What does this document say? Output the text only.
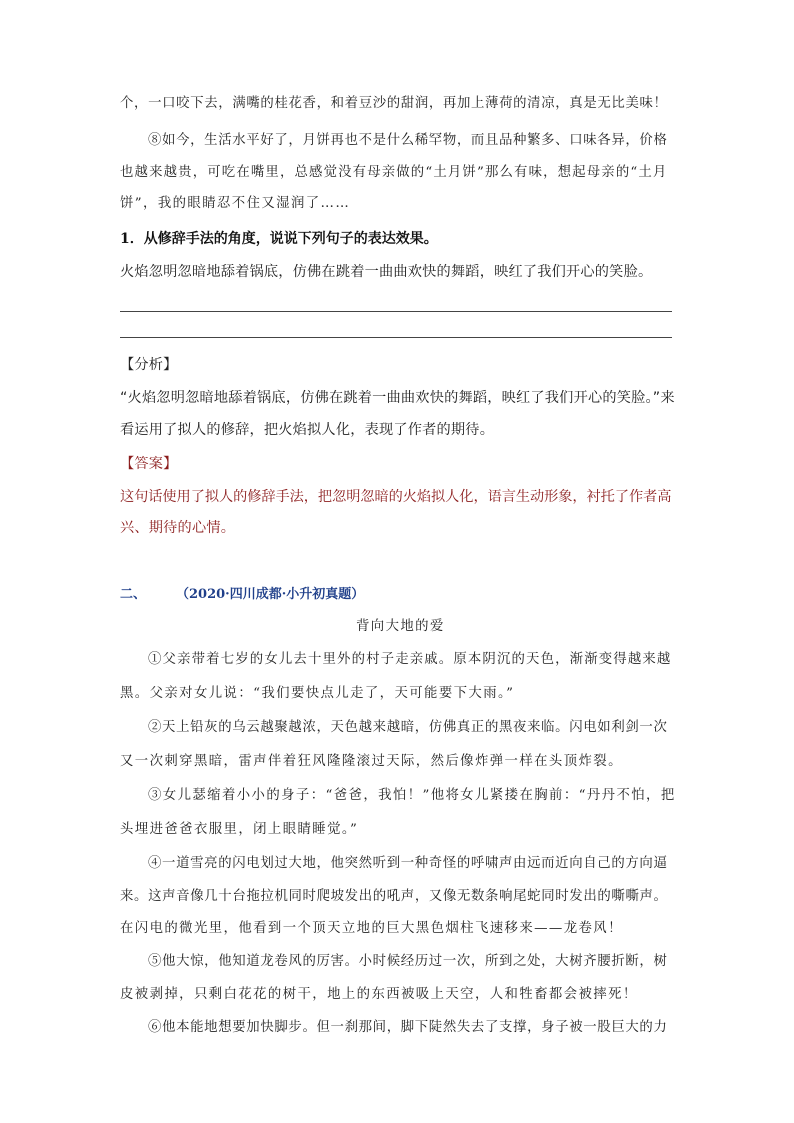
个，一口咬下去，满嘴的桂花香，和着豆沙的甜润，再加上薄荷的清凉，真是无比美味！

⑧如今，生活水平好了，月饼再也不是什么稀罕物，而且品种繁多、口味各异，价格

也越来越贵，可吃在嘴里，总感觉没有母亲做的“土月饼”那么有味，想起母亲的“土月

饼”，我的眼睛忍不住又湿润了……

1．从修辞手法的角度，说说下列句子的表达效果。

火焰忽明忽暗地舔着锅底，仿佛在跳着一曲曲欢快的舞蹈，映红了我们开心的笑脸。

【分析】

“火焰忽明忽暗地舔着锅底，仿佛在跳着一曲曲欢快的舞蹈，映红了我们开心的笑脸。”来

看运用了拟人的修辞，把火焰拟人化，表现了作者的期待。

【答案】

这句话使用了拟人的修辞手法，把忽明忽暗的火焰拟人化，语言生动形象，衬托了作者高

兴、期待的心情。

二、 （2020·四川成都·小升初真题）

背向大地的爱

①父亲带着七岁的女儿去十里外的村子走亲戚。原本阴沉的天色，渐渐变得越来越

黑。父亲对女儿说：“我们要快点儿走了，天可能要下大雨。”

②天上铅灰的乌云越聚越浓，天色越来越暗，仿佛真正的黑夜来临。闪电如利剑一次

又一次刺穿黑暗，雷声伴着狂风隆隆滚过天际，然后像炸弹一样在头顶炸裂。

③女儿瑟缩着小小的身子：“爸爸，我怕！”他将女儿紧搂在胸前：“丹丹不怕，把

头埋进爸爸衣服里，闭上眼睛睡觉。”

④一道雪亮的闪电划过大地，他突然听到一种奇怪的呼啸声由远而近向自己的方向逼

来。这声音像几十台拖拉机同时爬坡发出的吼声，又像无数条响尾蛇同时发出的嘶嘶声。

在闪电的微光里，他看到一个顶天立地的巨大黑色烟柱飞速移来——龙卷风！

⑤他大惊，他知道龙卷风的厉害。小时候经历过一次，所到之处，大树齐腰折断，树

皮被剥掉，只剩白花花的树干，地上的东西被吸上天空，人和牲畜都会被摔死！

⑥他本能地想要加快脚步。但一刹那间，脚下陡然失去了支撑，身子被一股巨大的力
